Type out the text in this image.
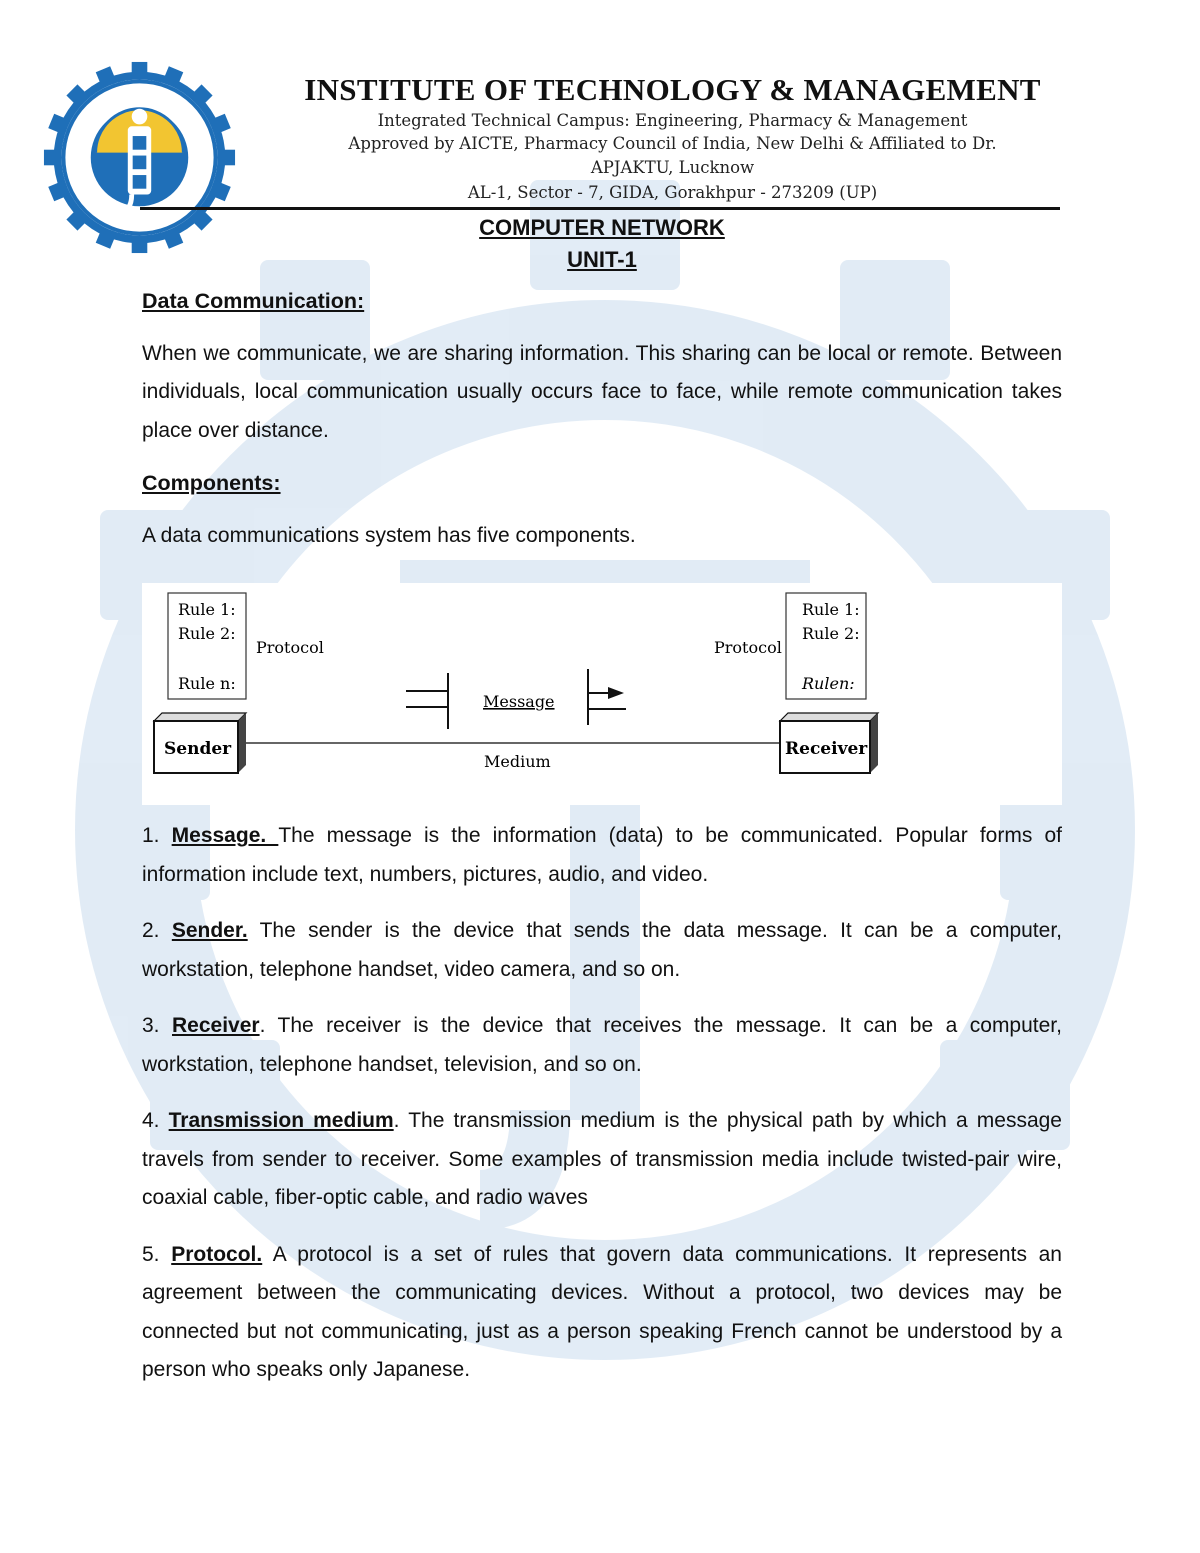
INSTITUTE OF TECHNOLOGY & MANAGEMENT
Integrated Technical Campus: Engineering, Pharmacy & Management
Approved by AICTE, Pharmacy Council of India, New Delhi & Affiliated to Dr.
APJAKTU, Lucknow
AL-1, Sector - 7, GIDA, Gorakhpur - 273209 (UP)
COMPUTER NETWORK
UNIT-1
Data Communication:

When we communicate, we are sharing information. This sharing can be local or remote. Between individuals, local communication usually occurs face to face, while remote communication takes place over distance.

Components:

A data communications system has five components.

1. Message. The message is the information (data) to be communicated. Popular forms of information include text, numbers, pictures, audio, and video.

2. Sender. The sender is the device that sends the data message. It can be a computer, workstation, telephone handset, video camera, and so on.

3. Receiver. The receiver is the device that receives the message. It can be a computer, workstation, telephone handset, television, and so on.

4. Transmission medium. The transmission medium is the physical path by which a message travels from sender to receiver. Some examples of transmission media include twisted-pair wire, coaxial cable, fiber-optic cable, and radio waves

5. Protocol. A protocol is a set of rules that govern data communications. It represents an agreement between the communicating devices. Without a protocol, two devices may be connected but not communicating, just as a person speaking French cannot be understood by a person who speaks only Japanese.

Rule 1:
Rule 2:
Rule n:
Protocol
Rule 1:
Rule 2:
Rulen:
Protocol
Message
Medium
Sender	Receiver
